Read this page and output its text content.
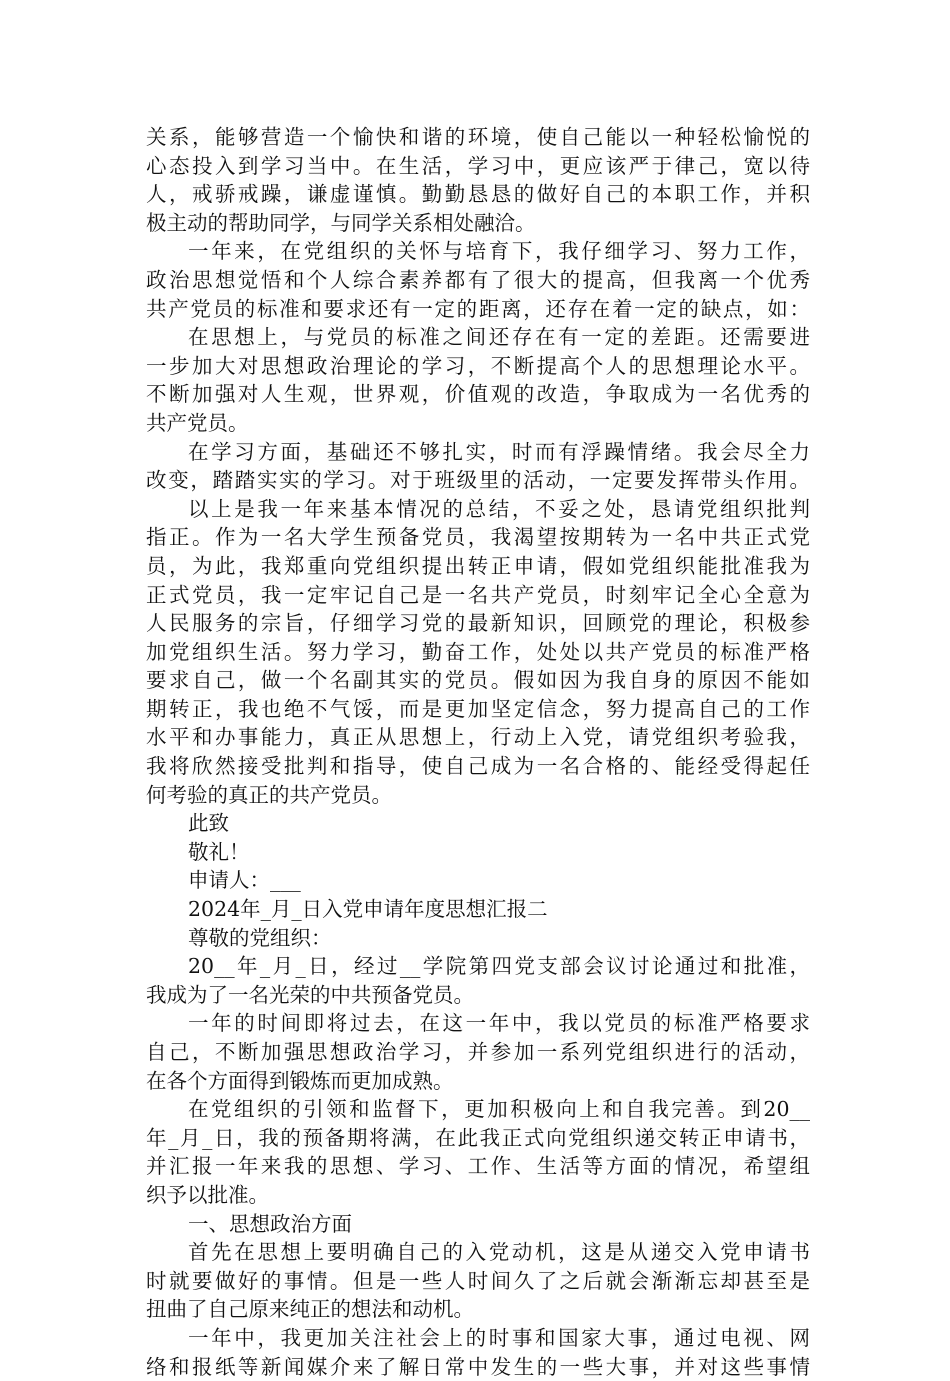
关系，能够营造一个愉快和谐的环境，使自己能以一种轻松愉悦的
心态投入到学习当中。在生活，学习中，更应该严于律己，宽以待
人，戒骄戒躁，谦虚谨慎。勤勤恳恳的做好自己的本职工作，并积
极主动的帮助同学，与同学关系相处融洽。
一年来，在党组织的关怀与培育下，我仔细学习、努力工作，
政治思想觉悟和个人综合素养都有了很大的提高，但我离一个优秀
共产党员的标准和要求还有一定的距离，还存在着一定的缺点，如：
在思想上，与党员的标准之间还存在有一定的差距。还需要进
一步加大对思想政治理论的学习，不断提高个人的思想理论水平。
不断加强对人生观，世界观，价值观的改造，争取成为一名优秀的
共产党员。
在学习方面，基础还不够扎实，时而有浮躁情绪。我会尽全力
改变，踏踏实实的学习。对于班级里的活动，一定要发挥带头作用。
以上是我一年来基本情况的总结，不妥之处，恳请党组织批判
指正。作为一名大学生预备党员，我渴望按期转为一名中共正式党
员，为此，我郑重向党组织提出转正申请，假如党组织能批准我为
正式党员，我一定牢记自己是一名共产党员，时刻牢记全心全意为
人民服务的宗旨，仔细学习党的最新知识，回顾党的理论，积极参
加党组织生活。努力学习，勤奋工作，处处以共产党员的标准严格
要求自己，做一个名副其实的党员。假如因为我自身的原因不能如
期转正，我也绝不气馁，而是更加坚定信念，努力提高自己的工作
水平和办事能力，真正从思想上，行动上入党，请党组织考验我，
我将欣然接受批判和指导，使自己成为一名合格的、能经受得起任
何考验的真正的共产党员。
此致
敬礼！
申请人：___
2024年_月_日入党申请年度思想汇报二
尊敬的党组织：
20__年_月_日，经过__学院第四党支部会议讨论通过和批准，
我成为了一名光荣的中共预备党员。
一年的时间即将过去，在这一年中，我以党员的标准严格要求
自己，不断加强思想政治学习，并参加一系列党组织进行的活动，
在各个方面得到锻炼而更加成熟。
在党组织的引领和监督下，更加积极向上和自我完善。到20__
年_月_日，我的预备期将满，在此我正式向党组织递交转正申请书，
并汇报一年来我的思想、学习、工作、生活等方面的情况，希望组
织予以批准。
一、思想政治方面
首先在思想上要明确自己的入党动机，这是从递交入党申请书
时就要做好的事情。但是一些人时间久了之后就会渐渐忘却甚至是
扭曲了自己原来纯正的想法和动机。
一年中，我更加关注社会上的时事和国家大事，通过电视、网
络和报纸等新闻媒介来了解日常中发生的一些大事，并对这些事情
